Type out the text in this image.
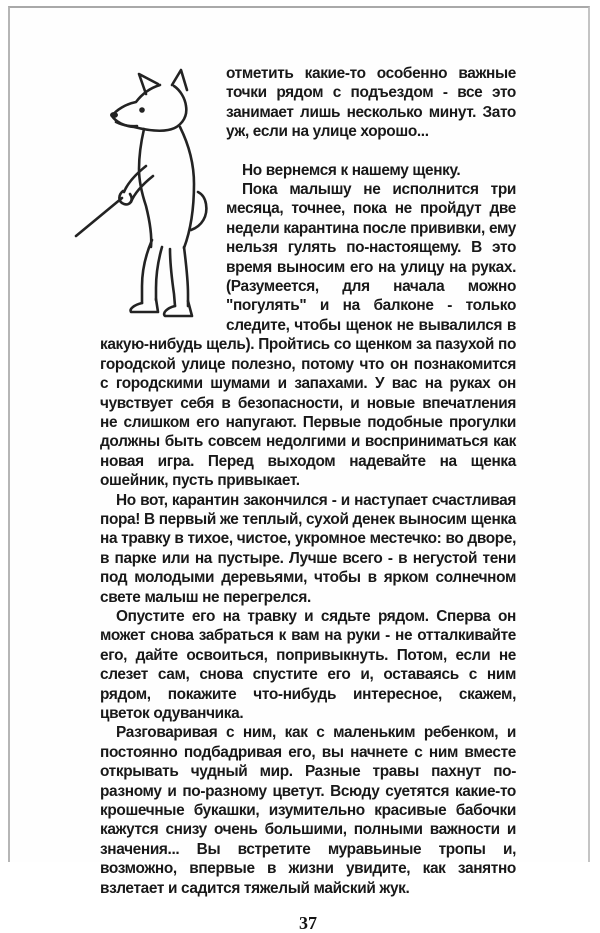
отметить какие-то особенно важные точки рядом с подъездом - все это занимает лишь несколько минут. Зато уж, если на улице хорошо...

Но вернемся к нашему щенку.

Пока малышу не исполнится три месяца, точнее, пока не пройдут две недели карантина после прививки, ему нельзя гулять по-настоящему. В это время выносим его на улицу на руках. (Разумеется, для начала можно "погулять" и на балконе - только следите, чтобы щенок не вывалился в какую-нибудь щель). Пройтись со щенком за пазухой по городской улице полезно, потому что он познакомится с городскими шумами и запахами. У вас на руках он чувствует себя в безопасности, и новые впечатления не слишком его напугают. Первые подобные прогулки должны быть совсем недолгими и восприниматься как новая игра. Перед выходом надевайте на щенка ошейник, пусть привыкает.

Но вот, карантин закончился - и наступает счастливая пора! В первый же теплый, сухой денек выносим щенка на травку в тихое, чистое, укромное местечко: во дворе, в парке или на пустыре. Лучше всего - в негустой тени под молодыми деревьями, чтобы в ярком солнечном свете малыш не перегрелся.

Опустите его на травку и сядьте рядом. Сперва он может снова забраться к вам на руки - не отталкивайте его, дайте освоиться, попривыкнуть. Потом, если не слезет сам, снова спустите его и, оставаясь с ним рядом, покажите что-нибудь интересное, скажем, цветок одуванчика.

Разговаривая с ним, как с маленьким ребенком, и постоянно подбадривая его, вы начнете с ним вместе открывать чудный мир. Разные травы пахнут по-разному и по-разному цветут. Всюду суетятся какие-то крошечные букашки, изумительно красивые бабочки кажутся снизу очень большими, полными важности и значения... Вы встретите муравьиные тропы и, возможно, впервые в жизни увидите, как занятно взлетает и садится тяжелый майский жук.

37
